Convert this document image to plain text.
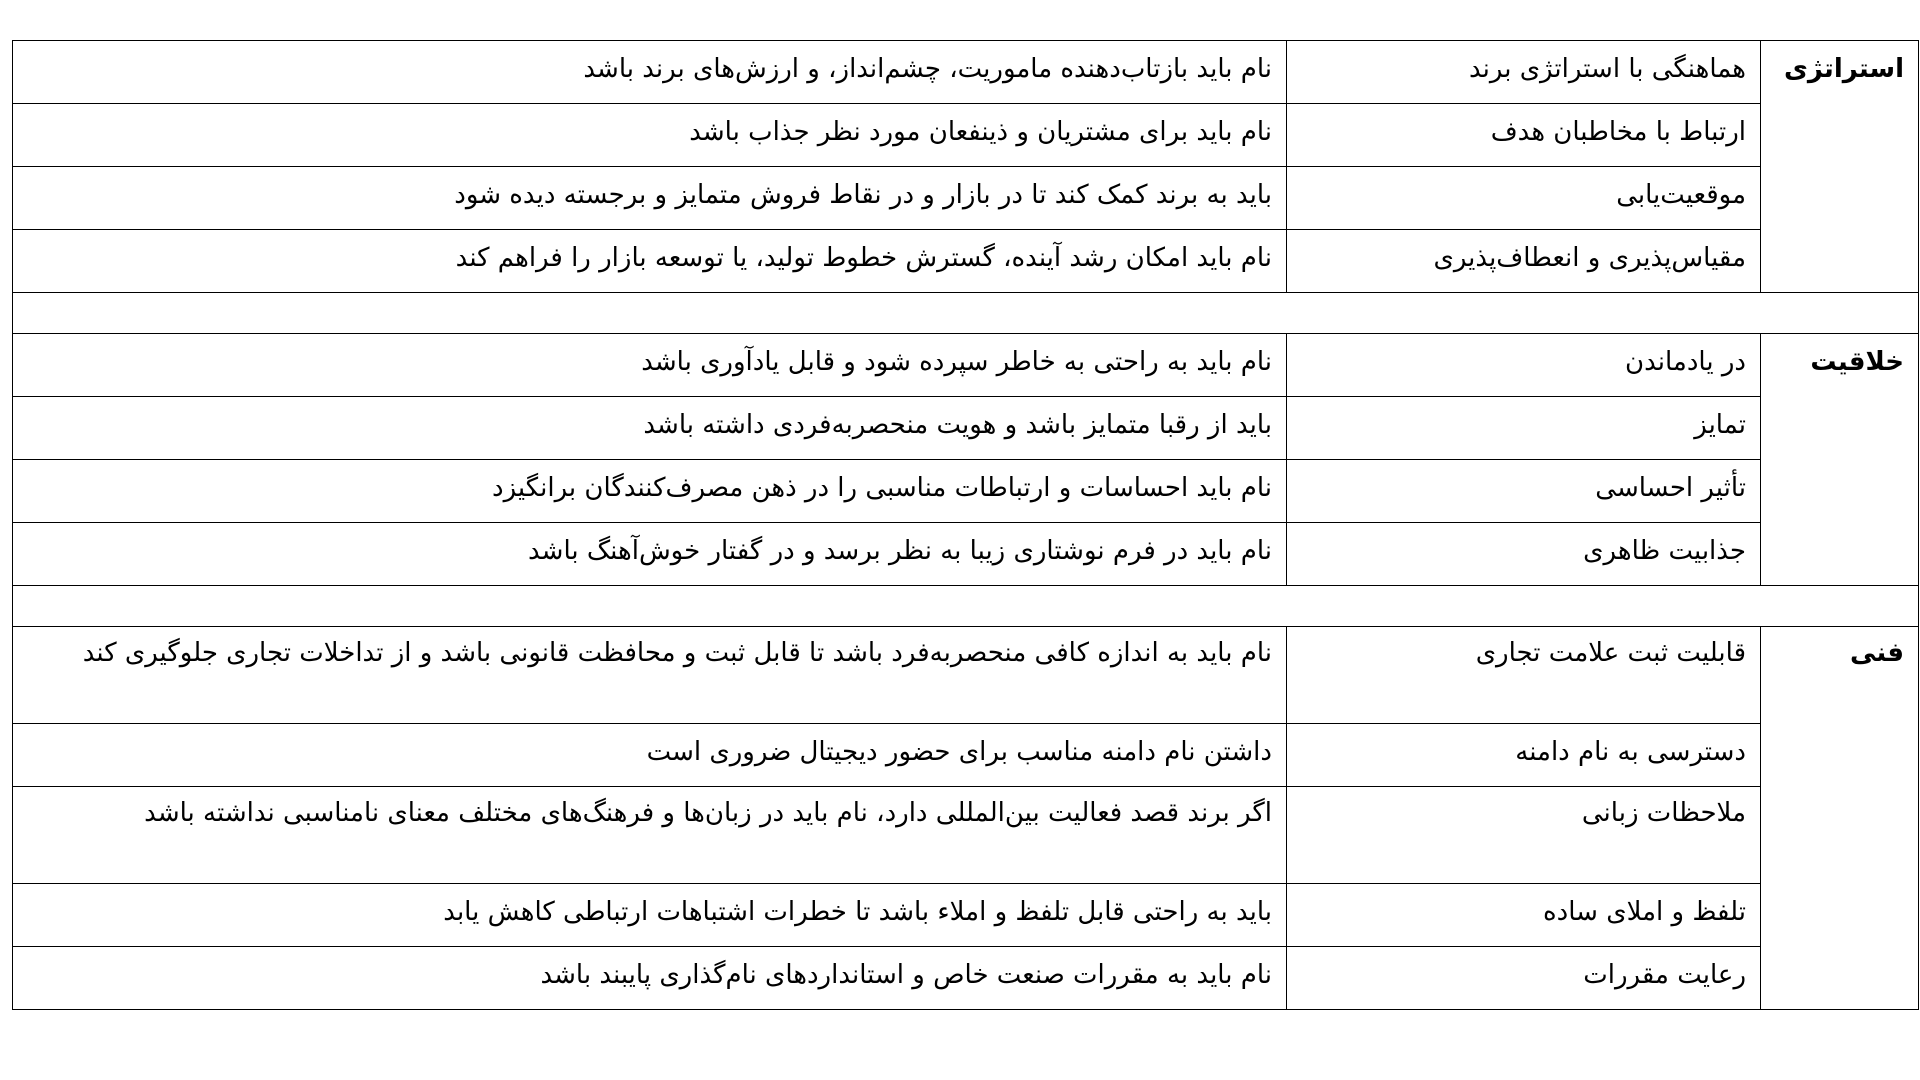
استراتژی	هماهنگی با استراتژی برند	نام باید بازتاب‌دهنده ماموریت، چشم‌انداز، و ارزش‌های برند باشد
	ارتباط با مخاطبان هدف	نام باید برای مشتریان و ذینفعان مورد نظر جذاب باشد
	موقعیت‌یابی	باید به برند کمک کند تا در بازار و در نقاط فروش متمایز و برجسته دیده شود
	مقیاس‌پذیری و انعطاف‌پذیری	نام باید امکان رشد آینده، گسترش خطوط تولید، یا توسعه بازار را فراهم کند

خلاقیت	در یادماندن	نام باید به راحتی به خاطر سپرده شود و قابل یادآوری باشد
	تمایز	باید از رقبا متمایز باشد و هویت منحصربه‌فردی داشته باشد
	تأثیر احساسی	نام باید احساسات و ارتباطات مناسبی را در ذهن مصرف‌کنندگان برانگیزد
	جذابیت ظاهری	نام باید در فرم نوشتاری زیبا به نظر برسد و در گفتار خوش‌آهنگ باشد

فنی	قابلیت ثبت علامت تجاری	نام باید به اندازه کافی منحصربه‌فرد باشد تا قابل ثبت و محافظت قانونی باشد و از تداخلات تجاری جلوگیری کند
	دسترسی به نام دامنه	داشتن نام دامنه مناسب برای حضور دیجیتال ضروری است
	ملاحظات زبانی	اگر برند قصد فعالیت بین‌المللی دارد، نام باید در زبان‌ها و فرهنگ‌های مختلف معنای نامناسبی نداشته باشد
	تلفظ و املای ساده	باید به راحتی قابل تلفظ و املاء باشد تا خطرات اشتباهات ارتباطی کاهش یابد
	رعایت مقررات	نام باید به مقررات صنعت خاص و استانداردهای نام‌گذاری پایبند باشد
